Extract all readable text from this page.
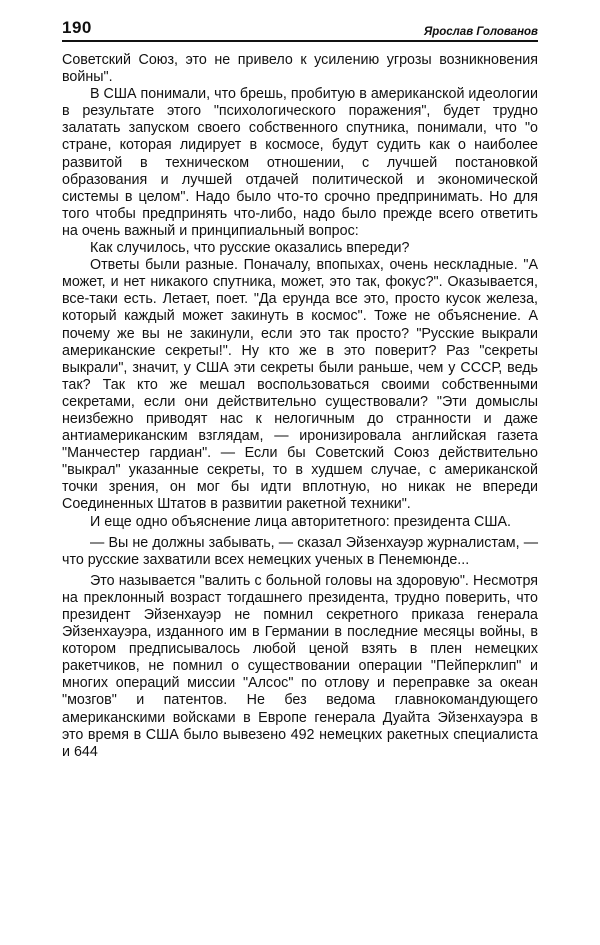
190	Ярослав Голованов

Советский Союз, это не привело к усилению угрозы возникновения войны".

В США понимали, что брешь, пробитую в американской идеологии в результате этого "психологического поражения", будет трудно залатать запуском своего собственного спутника, понимали, что "о стране, которая лидирует в космосе, будут судить как о наиболее развитой в техническом отношении, с лучшей постановкой образования и лучшей отдачей политической и экономической системы в целом". Надо было что-то срочно предпринимать. Но для того чтобы предпринять что-либо, надо было прежде всего ответить на очень важный и принципиальный вопрос:

Как случилось, что русские оказались впереди?

Ответы были разные. Поначалу, впопыхах, очень нескладные. "А может, и нет никакого спутника, может, это так, фокус?". Оказывается, все-таки есть. Летает, поет. "Да ерунда все это, просто кусок железа, который каждый может закинуть в космос". Тоже не объяснение. А почему же вы не закинули, если это так просто? "Русские выкрали американские секреты!". Ну кто же в это поверит? Раз "секреты выкрали", значит, у США эти секреты были раньше, чем у СССР, ведь так? Так кто же мешал воспользоваться своими собственными секретами, если они действительно существовали? "Эти домыслы неизбежно приводят нас к нелогичным до странности и даже антиамериканским взглядам, — иронизировала английская газета "Манчестер гардиан". — Если бы Советский Союз действительно "выкрал" указанные секреты, то в худшем случае, с американской точки зрения, он мог бы идти вплотную, но никак не впереди Соединенных Штатов в развитии ракетной техники".

И еще одно объяснение лица авторитетного: президента США.

— Вы не должны забывать, — сказал Эйзенхауэр журналистам, — что русские захватили всех немецких ученых в Пенемюнде...

Это называется "валить с больной головы на здоровую". Несмотря на преклонный возраст тогдашнего президента, трудно поверить, что президент Эйзенхауэр не помнил секретного приказа генерала Эйзенхауэра, изданного им в Германии в последние месяцы войны, в котором предписывалось любой ценой взять в плен немецких ракетчиков, не помнил о существовании операции "Пейперклип" и многих операций миссии "Алсос" по отлову и переправке за океан "мозгов" и патентов. Не без ведома главнокомандующего американскими войсками в Европе генерала Дуайта Эйзенхауэра в это время в США было вывезено 492 немецких ракетных специалиста и 644
